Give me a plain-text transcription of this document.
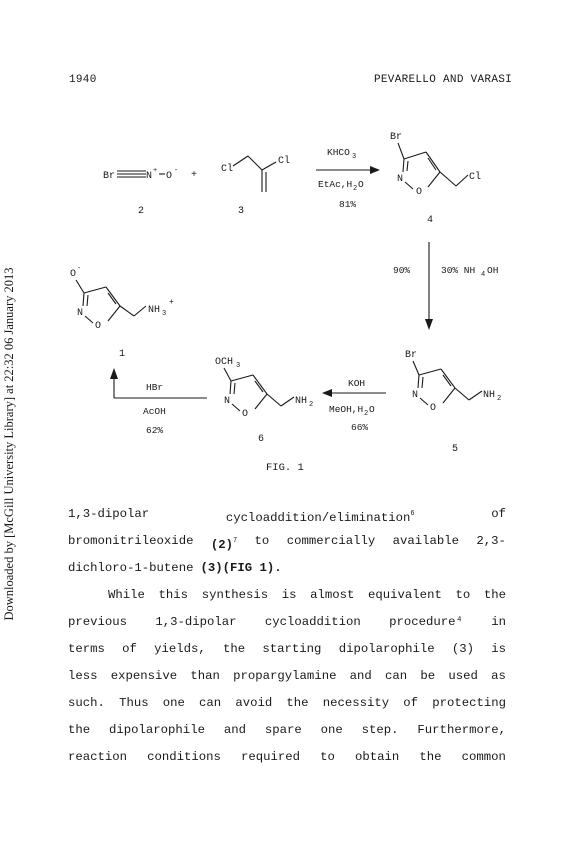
1940	PEVARELLO AND VARASI
Downloaded by [McGill University Library] at 22:32 06 January 2013
Br	N + O -
2
+
Cl
Cl
3
KHCO 3
EtAc,H 2 O
81%
Br
N
O
Cl
4
90%	30% NH 4 OH
Br
N
O
NH 2
5
KOH
MeOH,H 2 O
66%
OCH 3
N
O
NH 2
6
HBr
AcOH
62%
O -
N
O
NH 3
+
1
FIG. 1
1,3-dipolar	cycloaddition/elimination$^6$	of
bromonitrileoxide $(2)^7$ to commercially available 2,3-
dichloro-1-butene (3)(FIG 1).
While this synthesis is almost equivalent to the
previous 1,3-dipolar cycloaddition procedure⁴ in
terms of yields, the starting dipolarophile (3) is
less expensive than propargylamine and can be used as
such. Thus one can avoid the necessity of protecting
the dipolarophile and spare one step. Furthermore,
reaction conditions required to obtain the common
